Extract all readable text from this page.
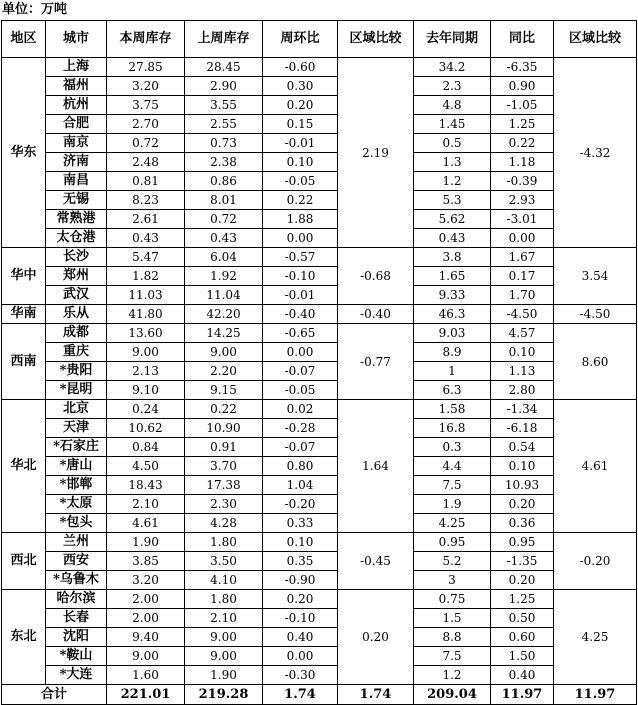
单位：万吨
地区	城市	本周库存	上周库存	周环比	区域比较	去年同期	同比	区域比较
华东	上海	27.85	28.45	-0.60	2.19	34.2	-6.35	-4.32
	福州	3.20	2.90	0.30		2.3	0.90	
	杭州	3.75	3.55	0.20		4.8	-1.05	
	合肥	2.70	2.55	0.15		1.45	1.25	
	南京	0.72	0.73	-0.01		0.5	0.22	
	济南	2.48	2.38	0.10		1.3	1.18	
	南昌	0.81	0.86	-0.05		1.2	-0.39	
	无锡	8.23	8.01	0.22		5.3	2.93	
	常熟港	2.61	0.72	1.88		5.62	-3.01	
	太仓港	0.43	0.43	0.00		0.43	0.00	
华中	长沙	5.47	6.04	-0.57	-0.68	3.8	1.67	3.54
	郑州	1.82	1.92	-0.10		1.65	0.17	
	武汉	11.03	11.04	-0.01		9.33	1.70	
华南	乐从	41.80	42.20	-0.40	-0.40	46.3	-4.50	-4.50
西南	成都	13.60	14.25	-0.65	-0.77	9.03	4.57	8.60
	重庆	9.00	9.00	0.00		8.9	0.10	
	*贵阳	2.13	2.20	-0.07		1	1.13	
	*昆明	9.10	9.15	-0.05		6.3	2.80	
华北	北京	0.24	0.22	0.02	1.64	1.58	-1.34	4.61
	天津	10.62	10.90	-0.28		16.8	-6.18	
	*石家庄	0.84	0.91	-0.07		0.3	0.54	
	*唐山	4.50	3.70	0.80		4.4	0.10	
	*邯郸	18.43	17.38	1.04		7.5	10.93	
	*太原	2.10	2.30	-0.20		1.9	0.20	
	*包头	4.61	4.28	0.33		4.25	0.36	
西北	兰州	1.90	1.80	0.10	-0.45	0.95	0.95	-0.20
	西安	3.85	3.50	0.35		5.2	-1.35	
	*乌鲁木	3.20	4.10	-0.90		3	0.20	
东北	哈尔滨	2.00	1.80	0.20	0.20	0.75	1.25	4.25
	长春	2.00	2.10	-0.10		1.5	0.50	
	沈阳	9.40	9.00	0.40		8.8	0.60	
	*鞍山	9.00	9.00	0.00		7.5	1.50	
	*大连	1.60	1.90	-0.30		1.2	0.40	
合计		221.01	219.28	1.74	1.74	209.04	11.97	11.97
